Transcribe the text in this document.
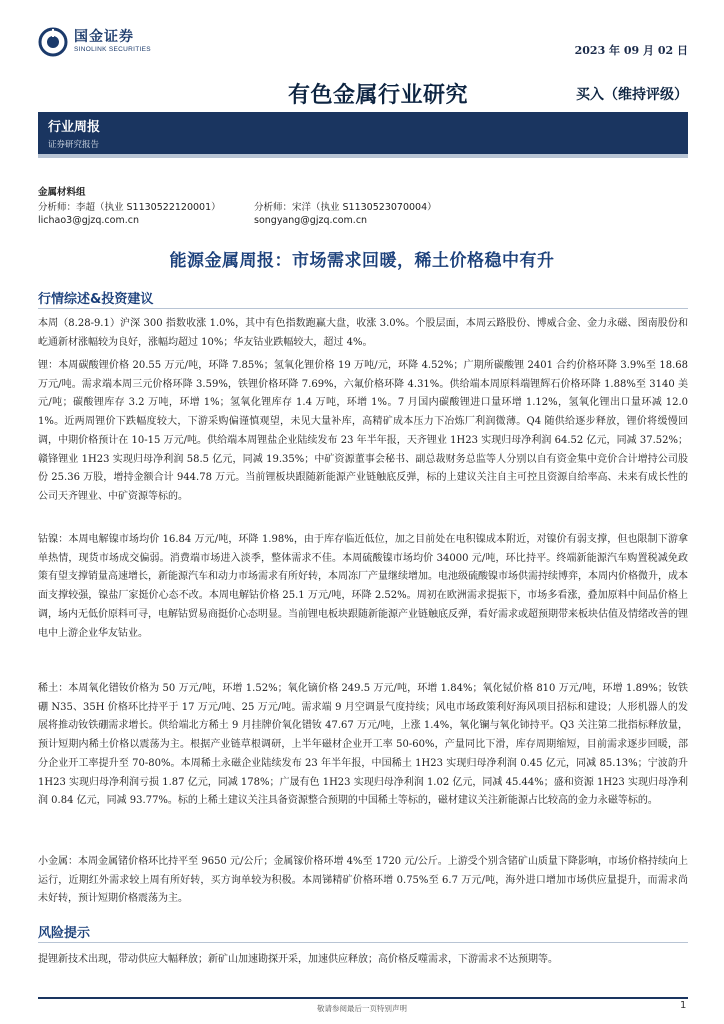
国金证券
SINOLINK SECURITIES	2023 年 09 月 02 日
有色金属行业研究	买入（维持评级）
行业周报
证券研究报告
金属材料组
分析师：李超（执业 S1130522120001）
lichao3@gjzq.com.cn
分析师：宋洋（执业 S1130523070004）
songyang@gjzq.com.cn
能源金属周报：市场需求回暖，稀土价格稳中有升
行情综述&投资建议
本周（8.28-9.1）沪深 300 指数收涨 1.0%，其中有色指数跑赢大盘，收涨 3.0%。个股层面，本周云路股份、博威合金、金力永磁、图南股份和屹通新材涨幅较为良好，涨幅均超过 10%；华友钴业跌幅较大，超过 4%。
锂：本周碳酸锂价格 20.55 万元/吨，环降 7.85%；氢氧化锂价格 19 万吨/元，环降 4.52%；广期所碳酸锂 2401 合约价格环降 3.9%至 18.68 万元/吨。需求端本周三元价格环降 3.59%，铁锂价格环降 7.69%，六氟价格环降 4.31%。供给端本周原料端锂辉石价格环降 1.88%至 3140 美元/吨；碳酸锂库存 3.2 万吨，环增 1%；氢氧化锂库存 1.4 万吨，环增 1%。7 月国内碳酸锂进口量环增 1.12%，氢氧化锂出口量环减 12.01%。近两周锂价下跌幅度较大，下游采购偏谨慎观望，未见大量补库，高精矿成本压力下冶炼厂利润微薄。Q4 随供给逐步释放，锂价将缓慢回调，中期价格预计在 10-15 万元/吨。供给端本周锂盐企业陆续发布 23 年半年报，天齐锂业 1H23 实现归母净利润 64.52 亿元，同减 37.52%；赣锋锂业 1H23 实现归母净利润 58.5 亿元，同减 19.35%；中矿资源董事会秘书、副总裁财务总监等人分别以自有资金集中竞价合计增持公司股份 25.36 万股，增持金额合计 944.78 万元。当前锂板块跟随新能源产业链触底反弹，标的上建议关注自主可控且资源自给率高、未来有成长性的公司天齐锂业、中矿资源等标的。
钴镍：本周电解镍市场均价 16.84 万元/吨，环降 1.98%，由于库存临近低位，加之目前处在电积镍成本附近，对镍价有弱支撑，但也限制下游拿单热情，现货市场成交偏弱。消费端市场进入淡季，整体需求不佳。本周硫酸镍市场均价 34000 元/吨，环比持平。终端新能源汽车购置税减免政策有望支撑销量高速增长，新能源汽车和动力市场需求有所好转，本周冻厂产量继续增加。电池级硫酸镍市场供需持续博弈，本周内价格微升，成本面支撑较强，镍盐厂家挺价心态不改。本周电解钴价格 25.1 万元/吨，环降 2.52%。周初在欧洲需求提振下，市场多看涨，叠加原料中间品价格上调，场内无低价原料可寻，电解钴贸易商挺价心态明显。当前锂电板块跟随新能源产业链触底反弹，看好需求或超预期带来板块估值及情绪改善的锂电中上游企业华友钴业。
稀土：本周氧化镨钕价格为 50 万元/吨，环增 1.52%；氧化镝价格 249.5 万元/吨，环增 1.84%；氧化铽价格 810 万元/吨，环增 1.89%；钕铁硼 N35、35H 价格环比持平于 17 万元/吨、25 万元/吨。需求端 9 月空调景气度持续；风电市场政策利好海风项目招标和建设；人形机器人的发展将推动钕铁硼需求增长。供给端北方稀土 9 月挂牌价氧化镨钕 47.67 万元/吨，上涨 1.4%，氧化镧与氧化铈持平。Q3 关注第二批指标释放量，预计短期内稀土价格以震荡为主。根据产业链草根调研，上半年磁材企业开工率 50-60%，产量同比下滑，库存周期缩短，目前需求逐步回暖，部分企业开工率提升至 70-80%。本周稀土永磁企业陆续发布 23 年半年报，中国稀土 1H23 实现归母净利润 0.45 亿元，同减 85.13%；宁波韵升 1H23 实现归母净利润亏损 1.87 亿元，同减 178%；广晟有色 1H23 实现归母净利润 1.02 亿元，同减 45.44%；盛和资源 1H23 实现归母净利润 0.84 亿元，同减 93.77%。标的上稀土建议关注具备资源整合预期的中国稀土等标的，磁材建议关注新能源占比较高的金力永磁等标的。
小金属：本周金属锗价格环比持平至 9650 元/公斤；金属镓价格环增 4%至 1720 元/公斤。上游受个别含锗矿山质量下降影响，市场价格持续向上运行，近期红外需求较上周有所好转，买方询单较为积极。本周锑精矿价格环增 0.75%至 6.7 万元/吨，海外进口增加市场供应量提升，而需求尚未好转，预计短期价格震荡为主。
风险提示
提锂新技术出现，带动供应大幅释放；新矿山加速勘探开采，加速供应释放；高价格反噬需求，下游需求不达预期等。
敬请参阅最后一页特别声明	1
